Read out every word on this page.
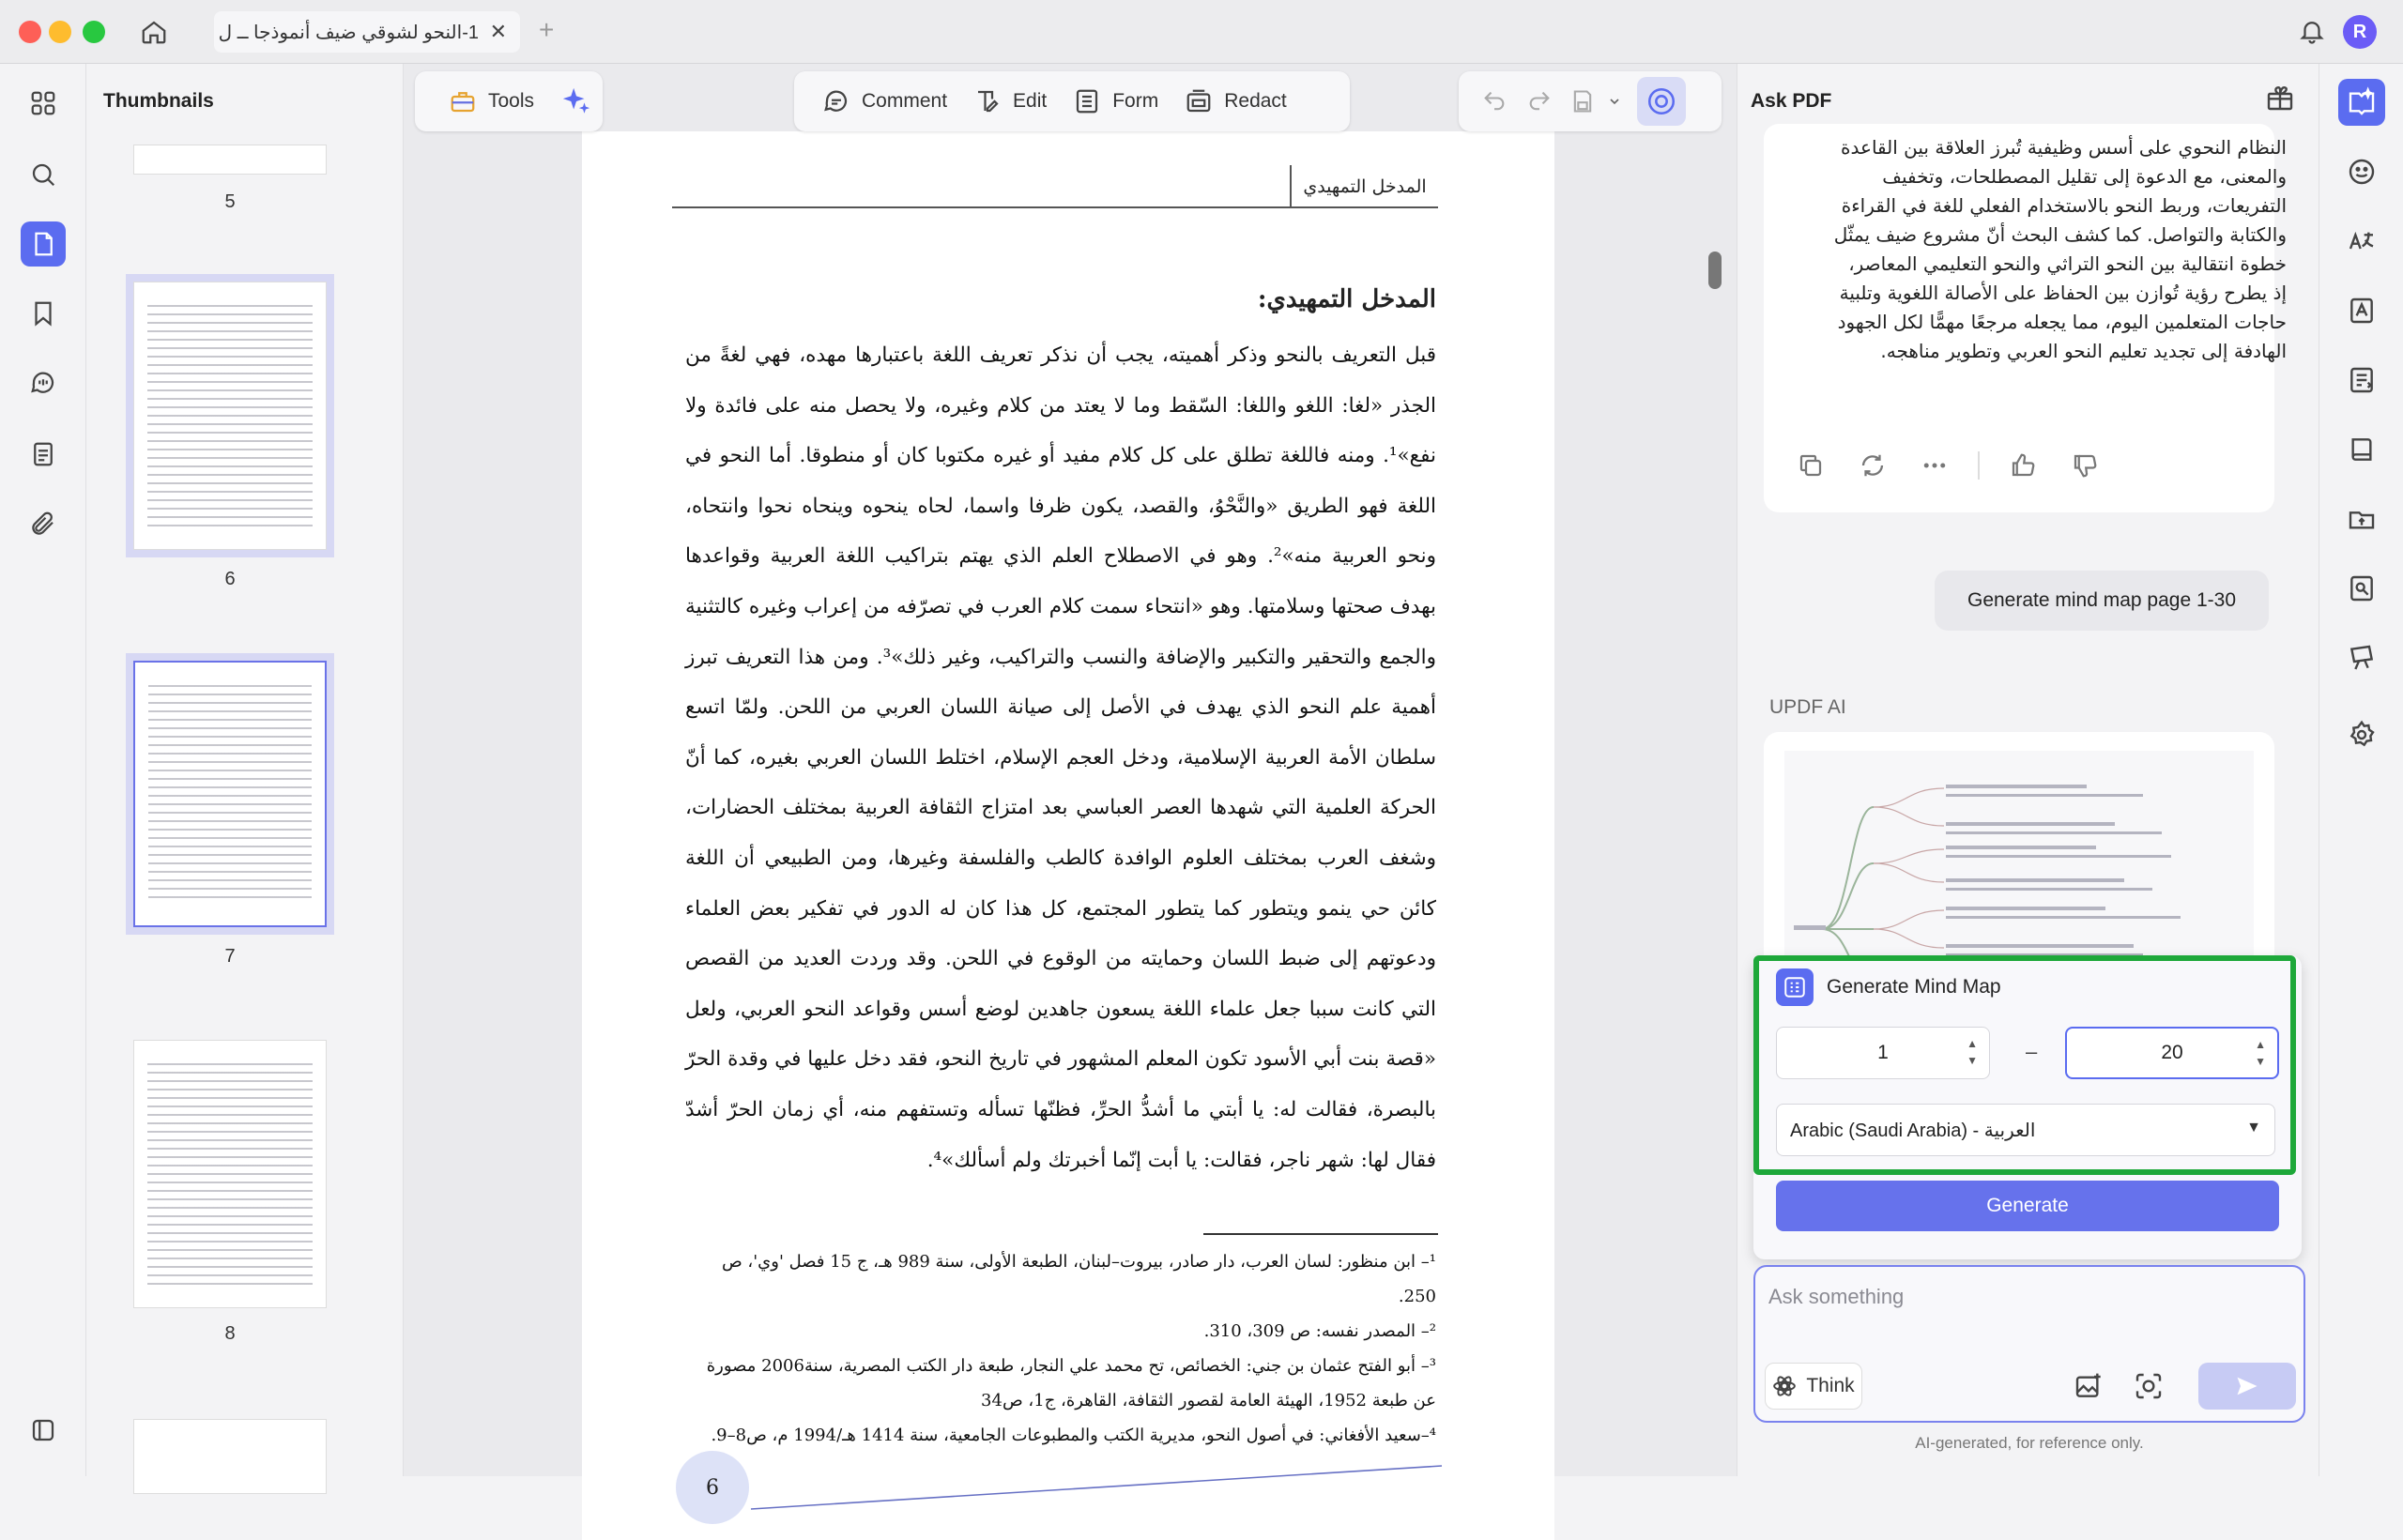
1-النحو لشوقي ضيف أنموذجا ــ ل ✕ +	R
Thumbnails
5
6
7
8
المدخل التمهيدي
المدخل التمهيدي:
قبل التعريف بالنحو وذكر أهميته، يجب أن نذكر تعريف اللغة باعتبارها مهده، فهي لغةً من الجذر «لغا: اللغو واللغا: السّقط وما لا يعتد من كلام وغيره، ولا يحصل منه على فائدة ولا نفع»¹. ومنه فاللغة تطلق على كل كلام مفيد أو غيره مكتوبا كان أو منطوقا. أما النحو في اللغة فهو الطريق «والنَّحْوُ، والقصد، يكون ظرفا واسما، لحاه ينحوه وينحاه نحوا وانتحاه، ونحو العربية منه»². وهو في الاصطلاح العلم الذي يهتم بتراكيب اللغة العربية وقواعدها بهدف صحتها وسلامتها. وهو «انتحاء سمت كلام العرب في تصرّفه من إعراب وغيره كالتثنية والجمع والتحقير والتكبير والإضافة والنسب والتراكيب، وغير ذلك»³. ومن هذا التعريف تبرز أهمية علم النحو الذي يهدف في الأصل إلى صيانة اللسان العربي من اللحن. ولمّا اتسع سلطان الأمة العربية الإسلامية، ودخل العجم الإسلام، اختلط اللسان العربي بغيره، كما أنّ الحركة العلمية التي شهدها العصر العباسي بعد امتزاج الثقافة العربية بمختلف الحضارات، وشغف العرب بمختلف العلوم الوافدة كالطب والفلسفة وغيرها، ومن الطبيعي أن اللغة كائن حي ينمو ويتطور كما يتطور المجتمع، كل هذا كان له الدور في تفكير بعض العلماء ودعوتهم إلى ضبط اللسان وحمايته من الوقوع في اللحن. وقد وردت العديد من القصص التي كانت سببا جعل علماء اللغة يسعون جاهدين لوضع أسس وقواعد النحو العربي، ولعل «قصة بنت أبي الأسود تكون المعلم المشهور في تاريخ النحو، فقد دخل عليها في وقدة الحرّ بالبصرة، فقالت له: يا أبتي ما أشدُّ الحرِّ، فظنّها تسأله وتستفهم منه، أي زمان الحرّ أشدّ فقال لها: شهر ناجر، فقالت: يا أبت إنّما أخبرتك ولم أسألك»⁴.
¹– ابن منظور: لسان العرب، دار صادر، بيروت–لبنان، الطبعة الأولى، سنة 989 هـ، ج 15 فصل 'وي'، ص 250.
²– المصدر نفسه: ص 309، 310.
³– أبو الفتح عثمان بن جني: الخصائص، تح محمد علي النجار، طبعة دار الكتب المصرية، سنة2006 مصورة عن طبعة 1952، الهيئة العامة لقصور الثقافة، القاهرة، ج1، ص34
⁴–سعيد الأفغاني: في أصول النحو، مديرية الكتب والمطبوعات الجامعية، سنة 1414 هـ/1994 م، ص8–9.
6
Tools	Comment	Edit	Form	Redact	Ask PDF
النظام النحوي على أسس وظيفية تُبرز العلاقة بين القاعدة والمعنى، مع الدعوة إلى تقليل المصطلحات، وتخفيف التفريعات، وربط النحو بالاستخدام الفعلي للغة في القراءة والكتابة والتواصل. كما كشف البحث أنّ مشروع ضيف يمثّل خطوة انتقالية بين النحو التراثي والنحو التعليمي المعاصر، إذ يطرح رؤية تُوازن بين الحفاظ على الأصالة اللغوية وتلبية حاجات المتعلمين اليوم، مما يجعله مرجعًا مهمًّا لكل الجهود الهادفة إلى تجديد تعليم النحو العربي وتطوير مناهجه.
Generate mind map page 1-30
UPDF AI
Generate Mind Map
1	▲
▼ –	20	▲
▼
Arabic (Saudi Arabia) - العربية	▼
Generate
Ask something
Think
AI-generated, for reference only.
